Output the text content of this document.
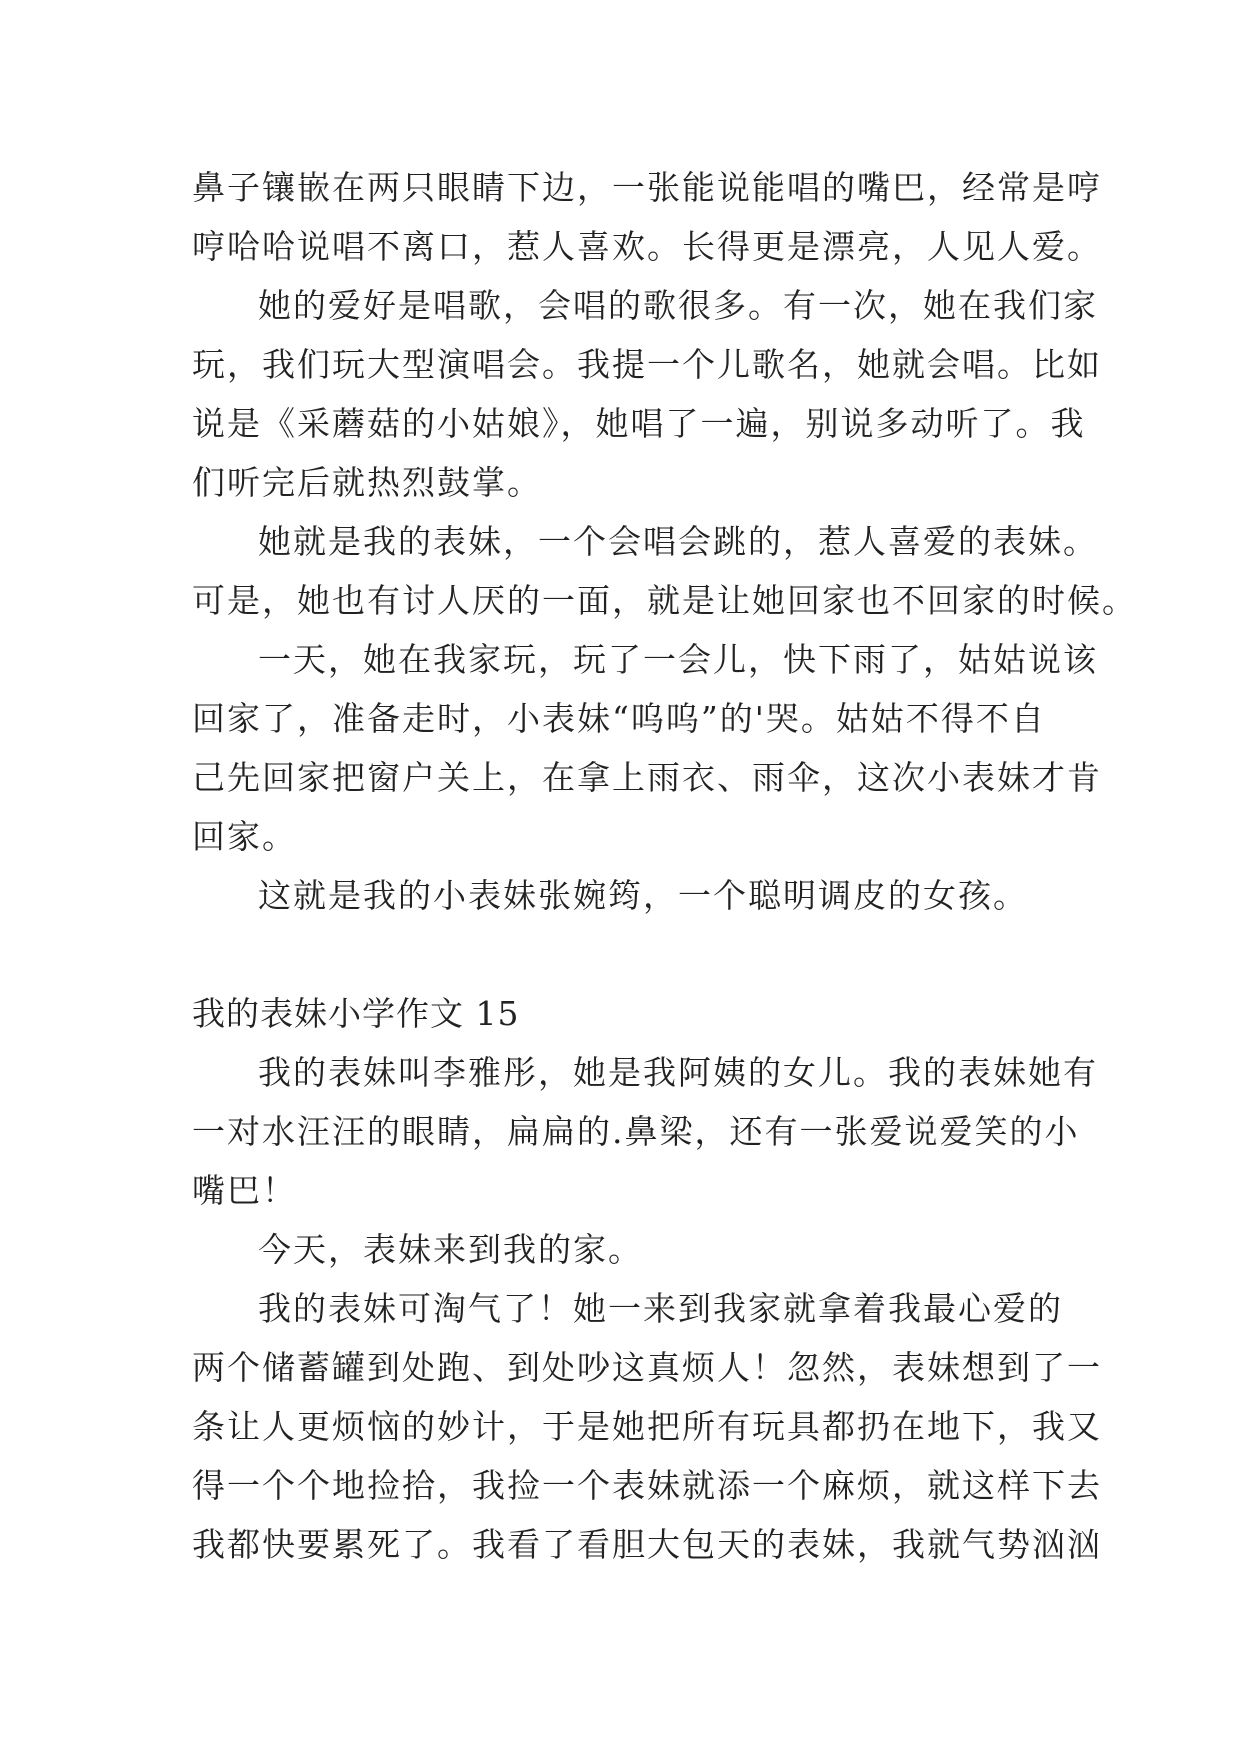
鼻子镶嵌在两只眼睛下边，一张能说能唱的嘴巴，经常是哼
哼哈哈说唱不离口，惹人喜欢。长得更是漂亮，人见人爱。
她的爱好是唱歌，会唱的歌很多。有一次，她在我们家
玩，我们玩大型演唱会。我提一个儿歌名，她就会唱。比如
说是《采蘑菇的小姑娘》，她唱了一遍，别说多动听了。我
们听完后就热烈鼓掌。
她就是我的表妹，一个会唱会跳的，惹人喜爱的表妹。
可是，她也有讨人厌的一面，就是让她回家也不回家的时候。
一天，她在我家玩，玩了一会儿，快下雨了，姑姑说该
回家了，准备走时，小表妹“呜呜”的'哭。姑姑不得不自
己先回家把窗户关上，在拿上雨衣、雨伞，这次小表妹才肯
回家。
这就是我的小表妹张婉筠，一个聪明调皮的女孩。
我的表妹小学作文 15
我的表妹叫李雅彤，她是我阿姨的女儿。我的表妹她有
一对水汪汪的眼睛，扁扁的.鼻梁，还有一张爱说爱笑的小
嘴巴！
今天，表妹来到我的家。
我的表妹可淘气了！她一来到我家就拿着我最心爱的
两个储蓄罐到处跑、到处吵这真烦人！忽然，表妹想到了一
条让人更烦恼的妙计，于是她把所有玩具都扔在地下，我又
得一个个地捡拾，我捡一个表妹就添一个麻烦，就这样下去
我都快要累死了。我看了看胆大包天的表妹，我就气势汹汹
